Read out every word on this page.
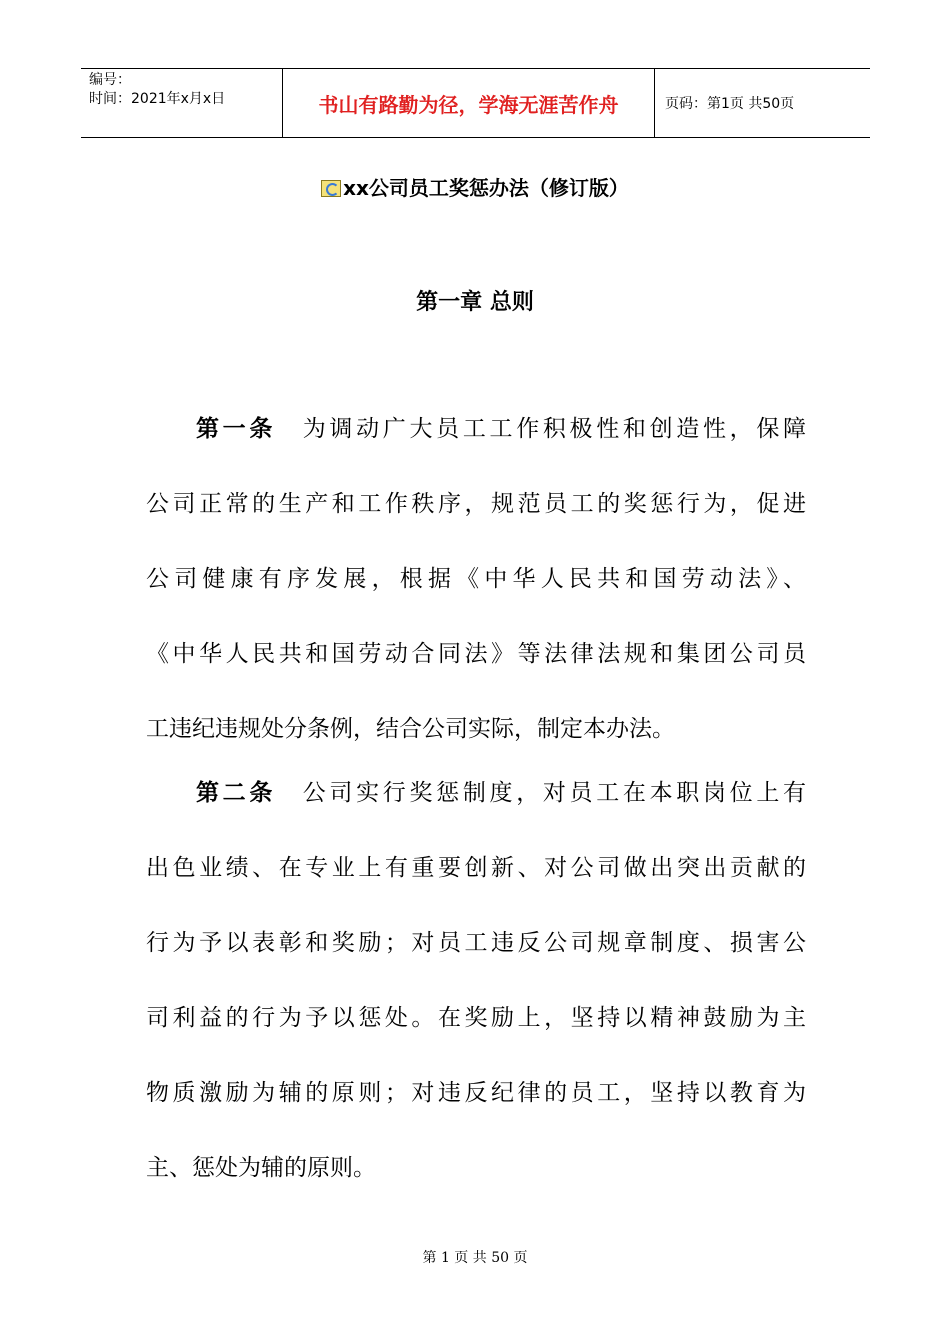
编号：
时间：2021年x月x日	书山有路勤为径，学海无涯苦作舟	页码：第1页 共50页
xx公司员工奖惩办法（修订版）
第一章 总则
第一条　 为调动广大员工工作积极性和创造性，保障
公司正常的生产和工作秩序，规范员工的奖惩行为，促进
公司健康有序发展，根据《中华人民共和国劳动法》、
《中华人民共和国劳动合同法》等法律法规和集团公司员
工违纪违规处分条例，结合公司实际，制定本办法。
第二条　 公司实行奖惩制度，对员工在本职岗位上有
出色业绩、在专业上有重要创新、对公司做出突出贡献的
行为予以表彰和奖励；对员工违反公司规章制度、损害公
司利益的行为予以惩处。在奖励上，坚持以精神鼓励为主
物质激励为辅的原则；对违反纪律的员工，坚持以教育为
主、惩处为辅的原则。
第 1 页 共 50 页
